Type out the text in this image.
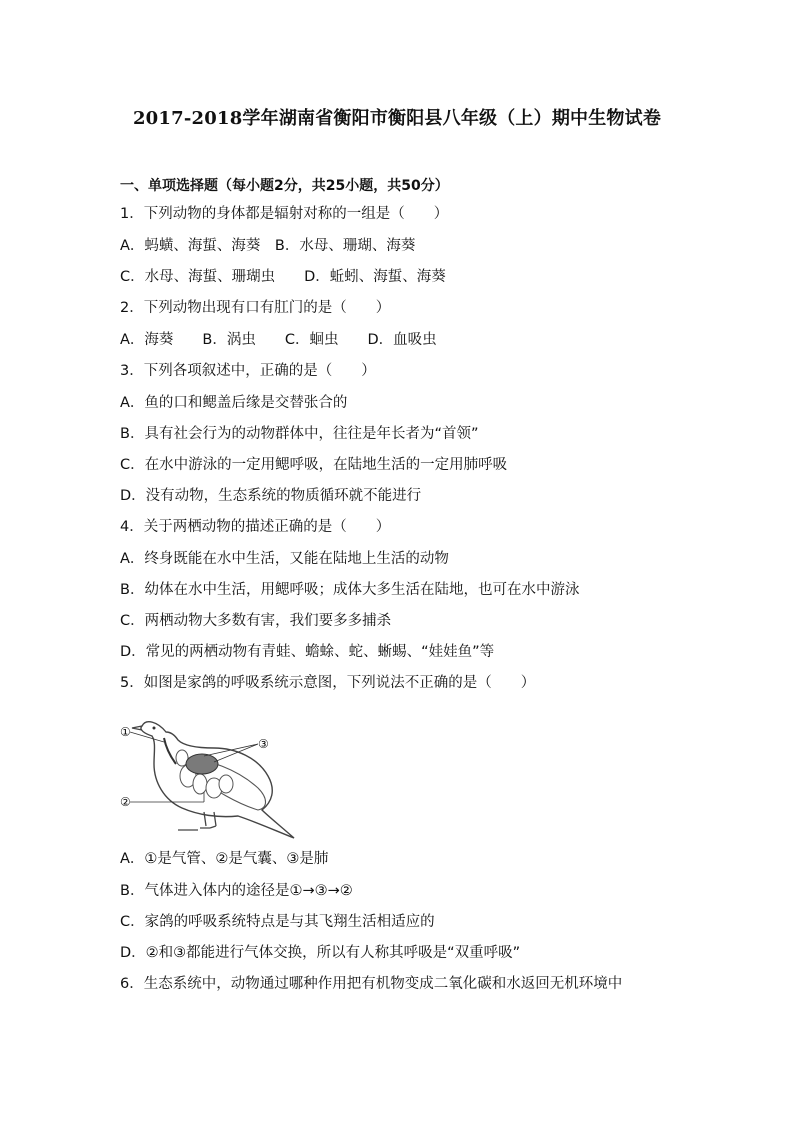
2017-2018学年湖南省衡阳市衡阳县八年级（上）期中生物试卷
一、单项选择题（每小题2分，共25小题，共50分）
1．下列动物的身体都是辐射对称的一组是（　　）
A．蚂蟥、海蜇、海葵　B．水母、珊瑚、海葵
C．水母、海蜇、珊瑚虫　　D．蚯蚓、海蜇、海葵
2．下列动物出现有口有肛门的是（　　）
A．海葵　　B．涡虫　　C．蛔虫　　D．血吸虫
3．下列各项叙述中，正确的是（　　）
A．鱼的口和鳃盖后缘是交替张合的
B．具有社会行为的动物群体中，往往是年长者为“首领”
C．在水中游泳的一定用鳃呼吸，在陆地生活的一定用肺呼吸
D．没有动物，生态系统的物质循环就不能进行
4．关于两栖动物的描述正确的是（　　）
A．终身既能在水中生活，又能在陆地上生活的动物
B．幼体在水中生活，用鳃呼吸；成体大多生活在陆地，也可在水中游泳
C．两栖动物大多数有害，我们要多多捕杀
D．常见的两栖动物有青蛙、蟾蜍、蛇、蜥蜴、“娃娃鱼”等
5．如图是家鸽的呼吸系统示意图，下列说法不正确的是（　　）
①
②
③
A．①是气管、②是气囊、③是肺
B．气体进入体内的途径是①→③→②
C．家鸽的呼吸系统特点是与其飞翔生活相适应的
D．②和③都能进行气体交换，所以有人称其呼吸是“双重呼吸”
6．生态系统中，动物通过哪种作用把有机物变成二氧化碳和水返回无机环境中
